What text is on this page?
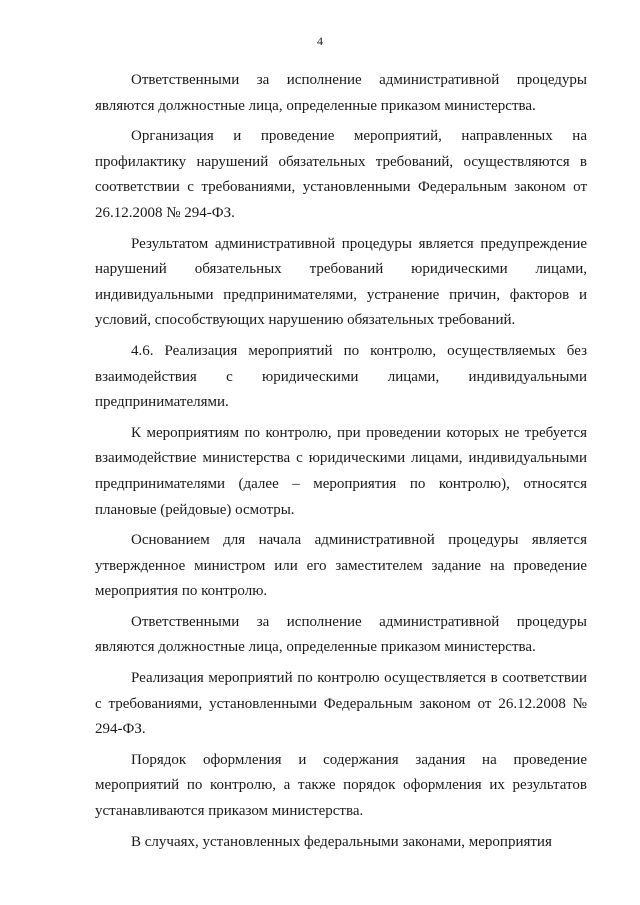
4

Ответственными за исполнение административной процедуры являются должностные лица, определенные приказом министерства.

Организация и проведение мероприятий, направленных на профилактику нарушений обязательных требований, осуществляются в соответствии с требованиями, установленными Федеральным законом от 26.12.2008 № 294-ФЗ.

Результатом административной процедуры является предупреждение нарушений обязательных требований юридическими лицами, индивидуальными предпринимателями, устранение причин, факторов и условий, способствующих нарушению обязательных требований.

4.6. Реализация мероприятий по контролю, осуществляемых без взаимодействия с юридическими лицами, индивидуальными предпринимателями.

К мероприятиям по контролю, при проведении которых не требуется взаимодействие министерства с юридическими лицами, индивидуальными предпринимателями (далее – мероприятия по контролю), относятся плановые (рейдовые) осмотры.

Основанием для начала административной процедуры является утвержденное министром или его заместителем задание на проведение мероприятия по контролю.

Ответственными за исполнение административной процедуры являются должностные лица, определенные приказом министерства.

Реализация мероприятий по контролю осуществляется в соответствии с требованиями, установленными Федеральным законом от 26.12.2008 № 294-ФЗ.

Порядок оформления и содержания задания на проведение мероприятий по контролю, а также порядок оформления их результатов устанавливаются приказом министерства.

В случаях, установленных федеральными законами, мероприятия
